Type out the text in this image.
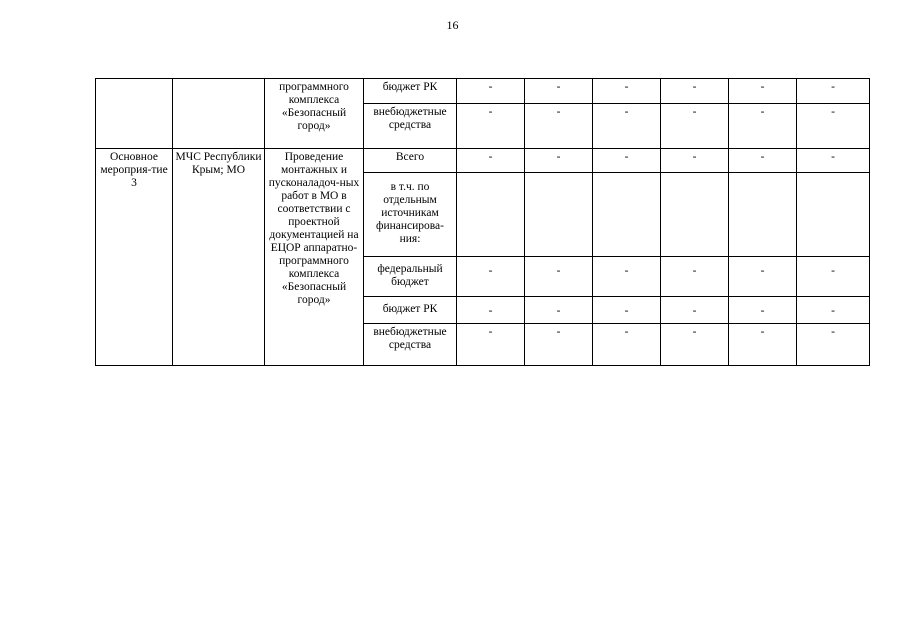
16
		программного комплекса «Безопасный город»	бюджет РК	-	-	-	-	-	-
			внебюджетные средства	-	-	-	-	-	-
Основное мероприя-тие 3	МЧС Республики Крым; МО	Проведение монтажных и пусконаладоч-ных работ в МО в соответствии с проектной документацией на ЕЦОР аппаратно-программного комплекса «Безопасный город»	Всего	-	-	-	-	-	-
			в т.ч. по отдельным источникам финансирова-ния:						
			федеральный бюджет	-	-	-	-	-	-
			бюджет РК	-	-	-	-	-	-
			внебюджетные средства	-	-	-	-	-	-
